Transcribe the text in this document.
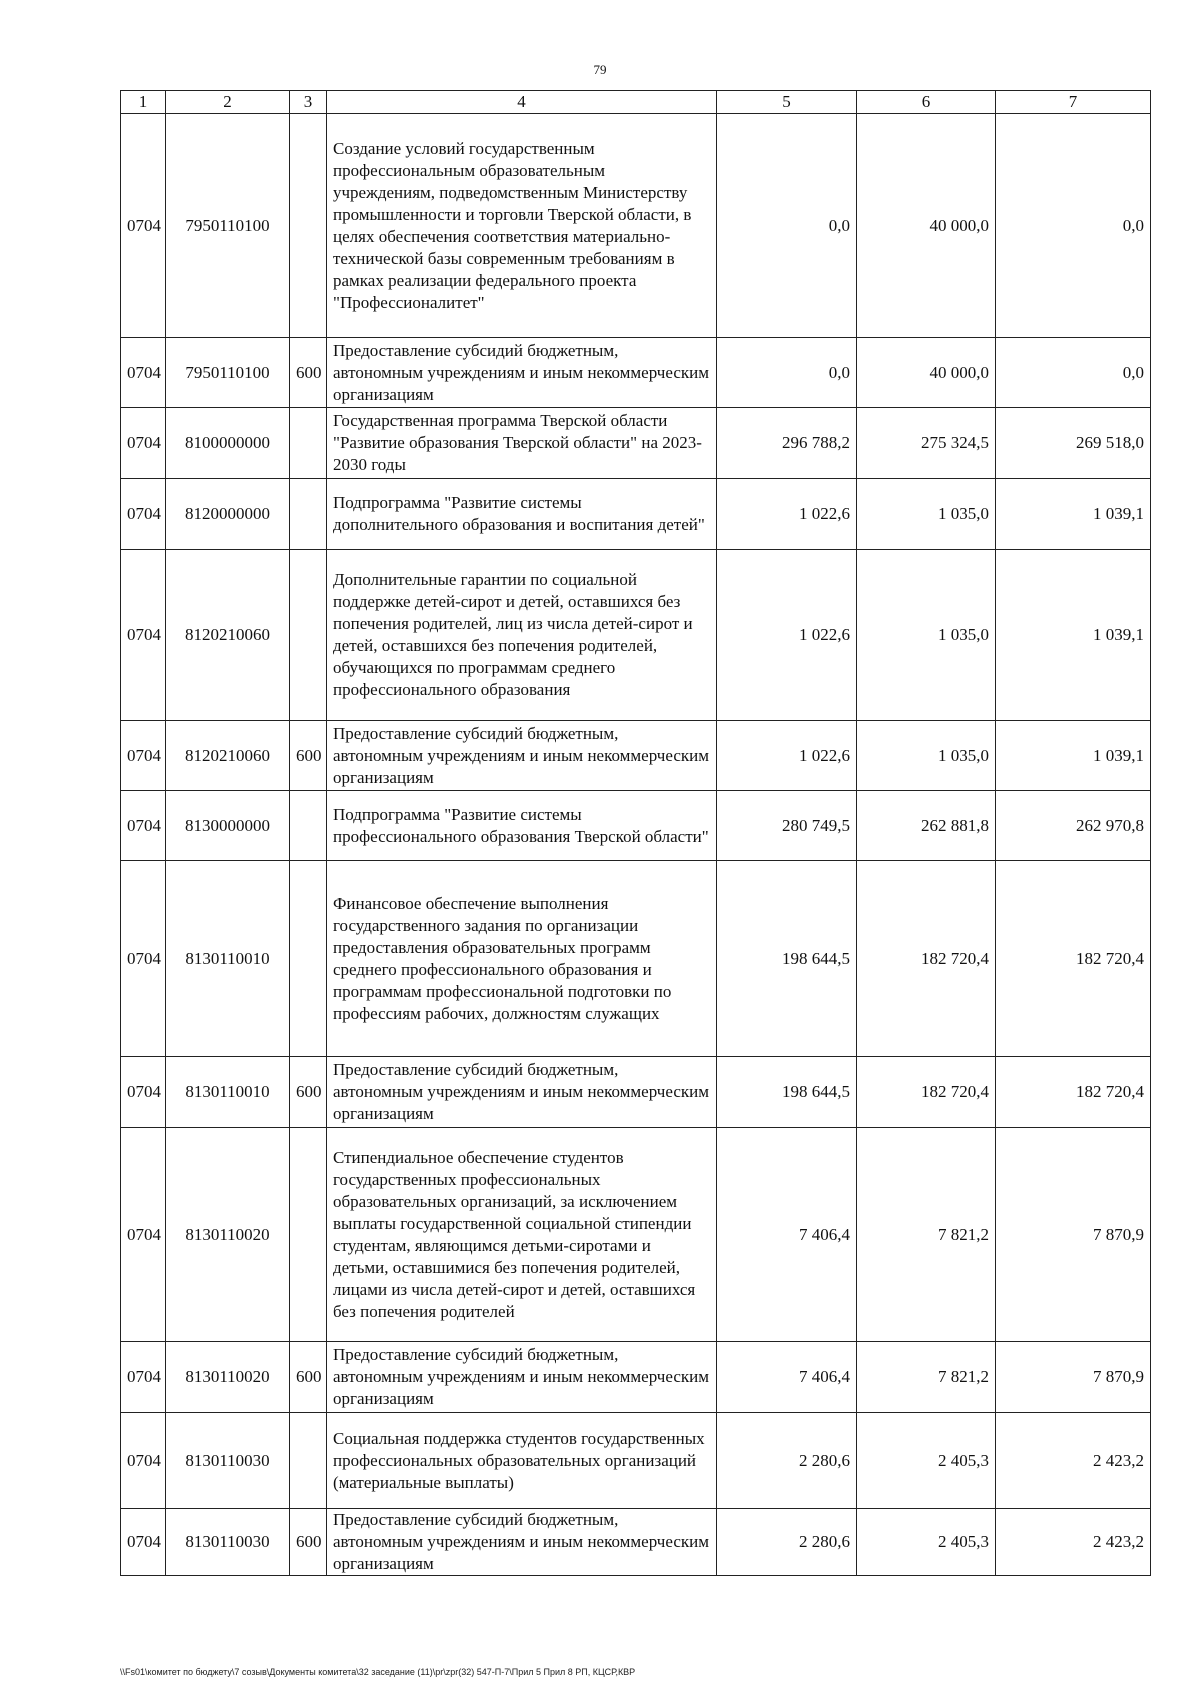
79
1	2	3	4	5	6	7
0704	7950110100		Создание условий государственным профессиональным образовательным учреждениям, подведомственным Министерству промышленности и торговли Тверской области, в целях обеспечения соответствия материально-технической базы современным требованиям в рамках реализации федерального проекта "Профессионалитет"	0,0	40 000,0	0,0
0704	7950110100	600	Предоставление субсидий бюджетным, автономным учреждениям и иным некоммерческим организациям	0,0	40 000,0	0,0
0704	8100000000		Государственная программа Тверской области "Развитие образования Тверской области" на 2023-2030 годы	296 788,2	275 324,5	269 518,0
0704	8120000000		Подпрограмма "Развитие системы дополнительного образования и воспитания детей"	1 022,6	1 035,0	1 039,1
0704	8120210060		Дополнительные гарантии по социальной поддержке детей-сирот и детей, оставшихся без попечения родителей, лиц из числа детей-сирот и детей, оставшихся без попечения родителей, обучающихся по программам среднего профессионального образования	1 022,6	1 035,0	1 039,1
0704	8120210060	600	Предоставление субсидий бюджетным, автономным учреждениям и иным некоммерческим организациям	1 022,6	1 035,0	1 039,1
0704	8130000000		Подпрограмма "Развитие системы профессионального образования Тверской области"	280 749,5	262 881,8	262 970,8
0704	8130110010		Финансовое обеспечение выполнения государственного задания по организации предоставления образовательных программ среднего профессионального образования и программам профессиональной подготовки по профессиям рабочих, должностям служащих	198 644,5	182 720,4	182 720,4
0704	8130110010	600	Предоставление субсидий бюджетным, автономным учреждениям и иным некоммерческим организациям	198 644,5	182 720,4	182 720,4
0704	8130110020		Стипендиальное обеспечение студентов государственных профессиональных образовательных организаций, за исключением выплаты государственной социальной стипендии студентам, являющимся детьми-сиротами и детьми, оставшимися без попечения родителей, лицами из числа детей-сирот и детей, оставшихся без попечения родителей	7 406,4	7 821,2	7 870,9
0704	8130110020	600	Предоставление субсидий бюджетным, автономным учреждениям и иным некоммерческим организациям	7 406,4	7 821,2	7 870,9
0704	8130110030		Социальная поддержка студентов государственных профессиональных образовательных организаций (материальные выплаты)	2 280,6	2 405,3	2 423,2
0704	8130110030	600	Предоставление субсидий бюджетным, автономным учреждениям и иным некоммерческим организациям	2 280,6	2 405,3	2 423,2
\\Fs01\комитет по бюджету\7 созыв\Документы комитета\32 заседание (11)\pr\zpr(32) 547-П-7\Прил 5 Прил 8 РП, КЦСР,КВР
